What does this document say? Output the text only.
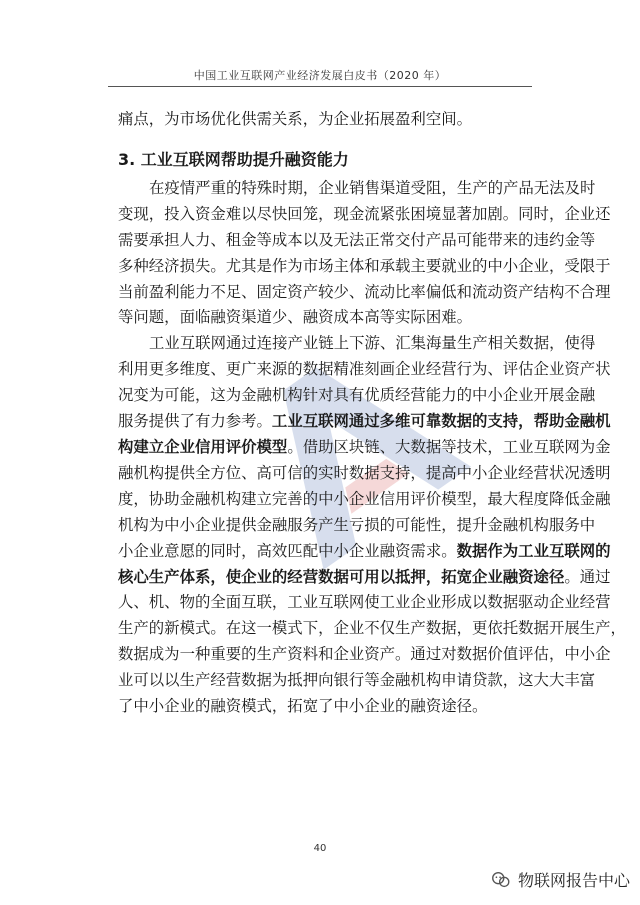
中国工业互联网产业经济发展白皮书（2020 年）
痛点，为市场优化供需关系，为企业拓展盈利空间。
3. 工业互联网帮助提升融资能力
在疫情严重的特殊时期，企业销售渠道受阻，生产的产品无法及时
变现，投入资金难以尽快回笼，现金流紧张困境显著加剧。同时，企业还
需要承担人力、租金等成本以及无法正常交付产品可能带来的违约金等
多种经济损失。尤其是作为市场主体和承载主要就业的中小企业，受限于
当前盈利能力不足、固定资产较少、流动比率偏低和流动资产结构不合理
等问题，面临融资渠道少、融资成本高等实际困难。
工业互联网通过连接产业链上下游、汇集海量生产相关数据，使得
利用更多维度、更广来源的数据精准刻画企业经营行为、评估企业资产状
况变为可能，这为金融机构针对具有优质经营能力的中小企业开展金融
服务提供了有力参考。工业互联网通过多维可靠数据的支持，帮助金融机
构建立企业信用评价模型。借助区块链、大数据等技术，工业互联网为金
融机构提供全方位、高可信的实时数据支持，提高中小企业经营状况透明
度，协助金融机构建立完善的中小企业信用评价模型，最大程度降低金融
机构为中小企业提供金融服务产生亏损的可能性，提升金融机构服务中
小企业意愿的同时，高效匹配中小企业融资需求。数据作为工业互联网的
核心生产体系，使企业的经营数据可用以抵押，拓宽企业融资途径。通过
人、机、物的全面互联，工业互联网使工业企业形成以数据驱动企业经营
生产的新模式。在这一模式下，企业不仅生产数据，更依托数据开展生产，
数据成为一种重要的生产资料和企业资产。通过对数据价值评估，中小企
业可以以生产经营数据为抵押向银行等金融机构申请贷款，这大大丰富
了中小企业的融资模式，拓宽了中小企业的融资途径。
40
物联网报告中心
